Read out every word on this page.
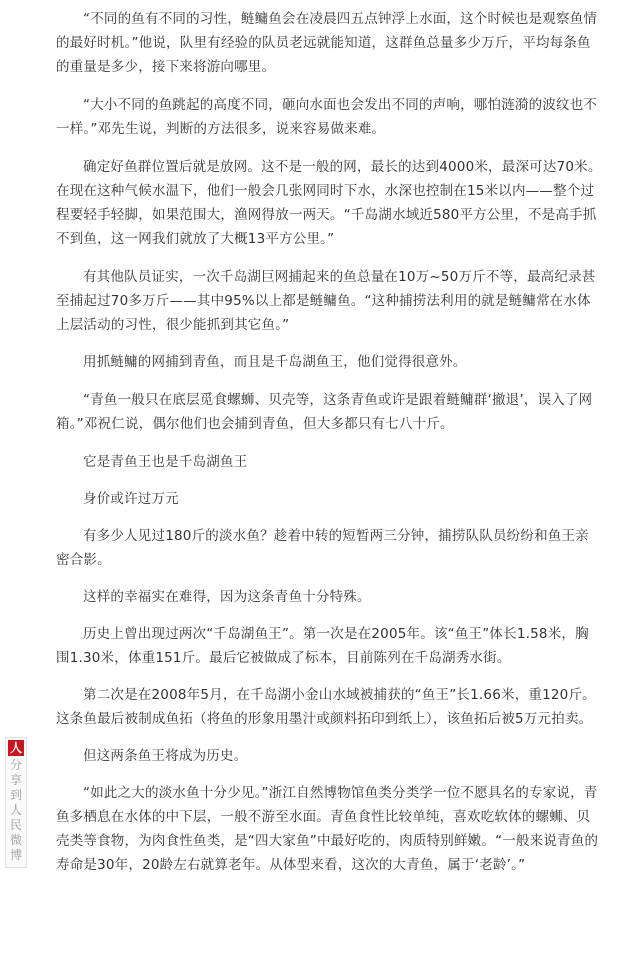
“不同的鱼有不同的习性，鲢鳙鱼会在凌晨四五点钟浮上水面，这个时候也是观察鱼情的最好时机。”他说，队里有经验的队员老远就能知道，这群鱼总量多少万斤，平均每条鱼的重量是多少，接下来将游向哪里。

“大小不同的鱼跳起的高度不同，砸向水面也会发出不同的声响，哪怕涟漪的波纹也不一样。”邓先生说，判断的方法很多，说来容易做来难。

确定好鱼群位置后就是放网。这不是一般的网，最长的达到4000米，最深可达70米。在现在这种气候水温下，他们一般会几张网同时下水，水深也控制在15米以内——整个过程要轻手轻脚，如果范围大，渔网得放一两天。“千岛湖水域近580平方公里，不是高手抓不到鱼，这一网我们就放了大概13平方公里。”

有其他队员证实，一次千岛湖巨网捕起来的鱼总量在10万~50万斤不等，最高纪录甚至捕起过70多万斤——其中95%以上都是鲢鳙鱼。“这种捕捞法利用的就是鲢鳙常在水体上层活动的习性，很少能抓到其它鱼。”

用抓鲢鳙的网捕到青鱼，而且是千岛湖鱼王，他们觉得很意外。

“青鱼一般只在底层觅食螺蛳、贝壳等，这条青鱼或许是跟着鲢鳙群‘撤退’，误入了网箱。”邓祝仁说，偶尔他们也会捕到青鱼，但大多都只有七八十斤。

它是青鱼王也是千岛湖鱼王

身价或许过万元

有多少人见过180斤的淡水鱼？趁着中转的短暂两三分钟，捕捞队队员纷纷和鱼王亲密合影。

这样的幸福实在难得，因为这条青鱼十分特殊。

历史上曾出现过两次“千岛湖鱼王”。第一次是在2005年。该“鱼王”体长1.58米，胸围1.30米，体重151斤。最后它被做成了标本，目前陈列在千岛湖秀水街。

第二次是在2008年5月，在千岛湖小金山水域被捕获的“鱼王”长1.66米，重120斤。这条鱼最后被制成鱼拓（将鱼的形象用墨汁或颜料拓印到纸上），该鱼拓后被5万元拍卖。

但这两条鱼王将成为历史。

“如此之大的淡水鱼十分少见。”浙江自然博物馆鱼类分类学一位不愿具名的专家说，青鱼多栖息在水体的中下层，一般不游至水面。青鱼食性比较单纯，喜欢吃软体的螺蛳、贝壳类等食物，为肉食性鱼类，是“四大家鱼”中最好吃的，肉质特别鲜嫩。“一般来说青鱼的寿命是30年，20龄左右就算老年。从体型来看，这次的大青鱼，属于‘老龄’。”

人
分享到人民微博
